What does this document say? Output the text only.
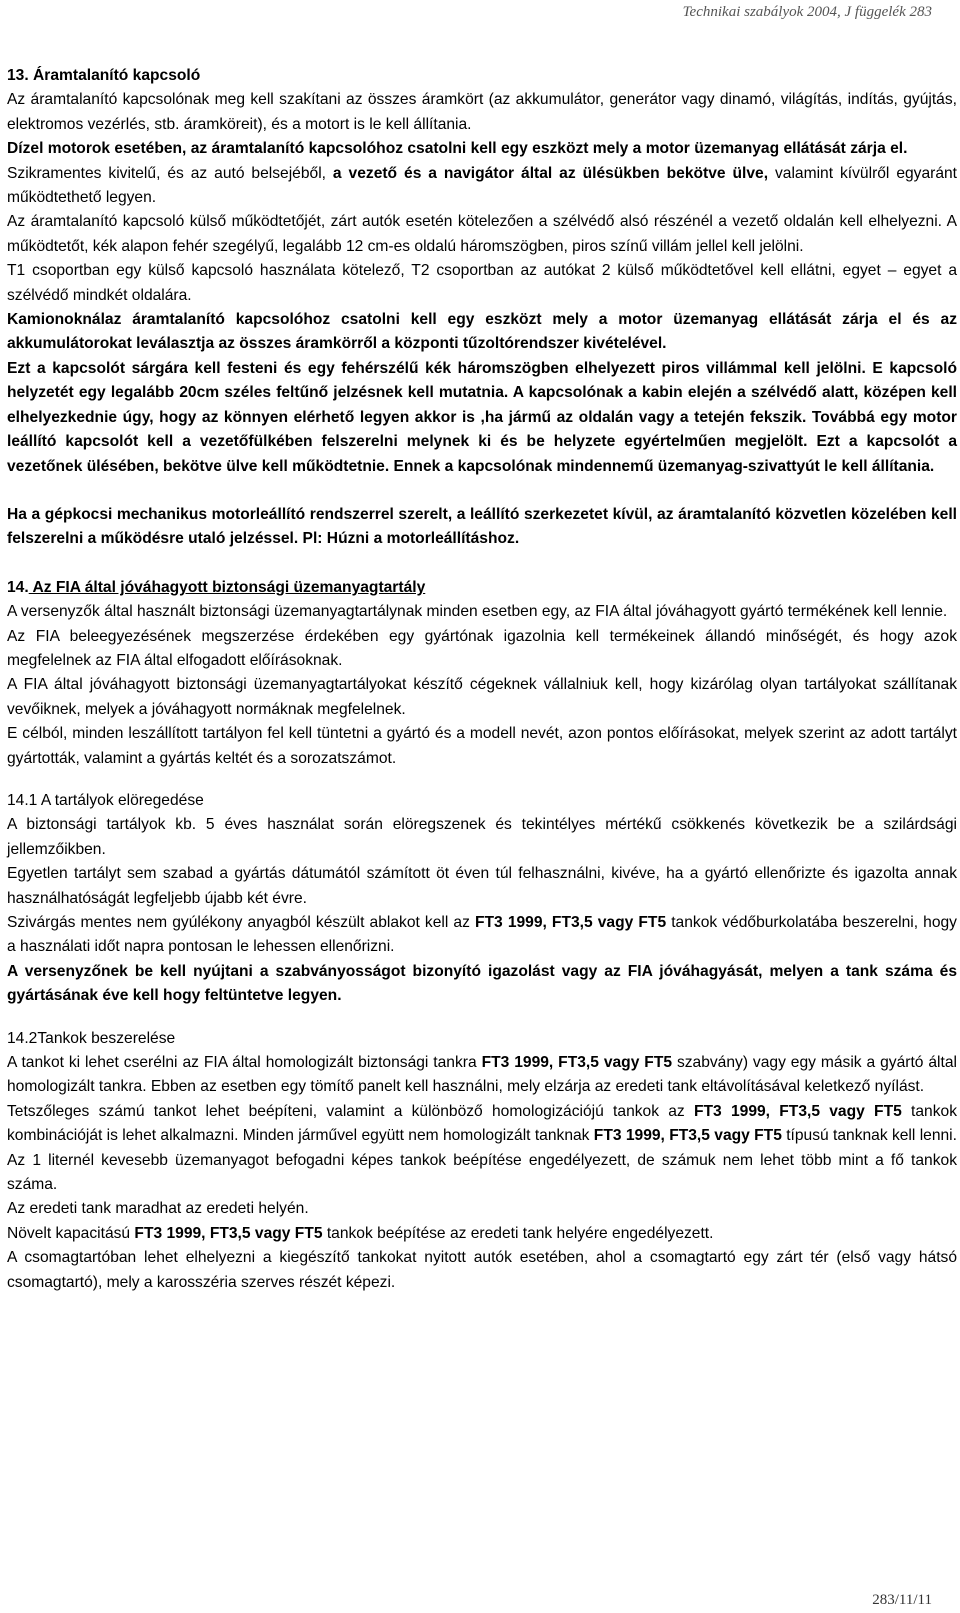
Technikai szabályok 2004, J függelék 283

13. Áramtalanító kapcsoló

Az áramtalanító kapcsolónak meg kell szakítani az összes áramkört (az akkumulátor, generátor vagy dinamó, világítás, indítás, gyújtás, elektromos vezérlés, stb. áramköreit), és a motort is le kell állítania.

Dízel motorok esetében, az áramtalanító kapcsolóhoz csatolni kell egy eszközt mely a motor üzemanyag ellátását zárja el.

Szikramentes kivitelű, és az autó belsejéből, a vezető és a navigátor által az ülésükben bekötve ülve, valamint kívülről egyaránt működtethető legyen.

Az áramtalanító kapcsoló külső működtetőjét, zárt autók esetén kötelezően a szélvédő alsó részénél a vezető oldalán kell elhelyezni. A működtetőt, kék alapon fehér szegélyű, legalább 12 cm-es oldalú háromszögben, piros színű villám jellel kell jelölni.

T1 csoportban egy külső kapcsoló használata kötelező, T2 csoportban az autókat 2 külső működtetővel kell ellátni, egyet – egyet a szélvédő mindkét oldalára.

Kamionoknálaz áramtalanító kapcsolóhoz csatolni kell egy eszközt mely a motor üzemanyag ellátását zárja el és az akkumulátorokat leválasztja az összes áramkörről a központi tűzoltórendszer kivételével.

Ezt a kapcsolót sárgára kell festeni és egy fehérszélű kék háromszögben elhelyezett piros villámmal kell jelölni. E kapcsoló helyzetét egy legalább 20cm széles feltűnő jelzésnek kell mutatnia. A kapcsolónak a kabin elején a szélvédő alatt, középen kell elhelyezkednie úgy, hogy az könnyen elérhető legyen akkor is ,ha jármű az oldalán vagy a tetején fekszik. Továbbá egy motor leállító kapcsolót kell a vezetőfülkében felszerelni melynek ki és be helyzete egyértelműen megjelölt. Ezt a kapcsolót a vezetőnek ülésében, bekötve ülve kell működtetnie. Ennek a kapcsolónak mindennemű üzemanyag-szivattyút le kell állítania.

Ha a gépkocsi mechanikus motorleállító rendszerrel szerelt, a leállító szerkezetet kívül, az áramtalanító közvetlen közelében kell felszerelni a működésre utaló jelzéssel. Pl: Húzni a motorleállításhoz.

14. Az FIA által jóváhagyott biztonsági üzemanyagtartály

A versenyzők által használt biztonsági üzemanyagtartálynak minden esetben egy, az FIA által jóváhagyott gyártó termékének kell lennie.

Az FIA beleegyezésének megszerzése érdekében egy gyártónak igazolnia kell termékeinek állandó minőségét, és hogy azok megfelelnek az FIA által elfogadott előírásoknak.

A FIA által jóváhagyott biztonsági üzemanyagtartályokat készítő cégeknek vállalniuk kell, hogy kizárólag olyan tartályokat szállítanak vevőiknek, melyek a jóváhagyott normáknak megfelelnek.

E célból, minden leszállított tartályon fel kell tüntetni a gyártó és a modell nevét, azon pontos előírásokat, melyek szerint az adott tartályt gyártották, valamint a gyártás keltét és a sorozatszámot.

14.1 A tartályok elöregedése

A biztonsági tartályok kb. 5 éves használat során elöregszenek és tekintélyes mértékű csökkenés következik be a szilárdsági jellemzőikben.

Egyetlen tartályt sem szabad a gyártás dátumától számított öt éven túl felhasználni, kivéve, ha a gyártó ellenőrizte és igazolta annak használhatóságát legfeljebb újabb két évre.

Szivárgás mentes nem gyúlékony anyagból készült ablakot kell az FT3 1999, FT3,5 vagy FT5 tankok védőburkolatába beszerelni, hogy a használati időt napra pontosan le lehessen ellenőrizni.

A versenyzőnek be kell nyújtani a szabványosságot bizonyító igazolást vagy az FIA jóváhagyását, melyen a tank száma és gyártásának éve kell hogy feltüntetve legyen.

14.2Tankok beszerelése

A tankot ki lehet cserélni az FIA által homologizált biztonsági tankra FT3 1999, FT3,5 vagy FT5 szabvány) vagy egy másik a gyártó által homologizált tankra. Ebben az esetben egy tömítő panelt kell használni, mely elzárja az eredeti tank eltávolításával keletkező nyílást.

Tetszőleges számú tankot lehet beépíteni, valamint a különböző homologizációjú tankok az FT3 1999, FT3,5 vagy FT5 tankok kombinációját is lehet alkalmazni. Minden járművel együtt nem homologizált tanknak FT3 1999, FT3,5 vagy FT5 típusú tanknak kell lenni.

Az 1 liternél kevesebb üzemanyagot befogadni képes tankok beépítése engedélyezett, de számuk nem lehet több mint a fő tankok száma.

Az eredeti tank maradhat az eredeti helyén.

Növelt kapacitású FT3 1999, FT3,5 vagy FT5 tankok beépítése az eredeti tank helyére engedélyezett.

A csomagtartóban lehet elhelyezni a kiegészítő tankokat nyitott autók esetében, ahol a csomagtartó egy zárt tér (első vagy hátsó csomagtartó), mely a karosszéria szerves részét képezi.

283/11/11
